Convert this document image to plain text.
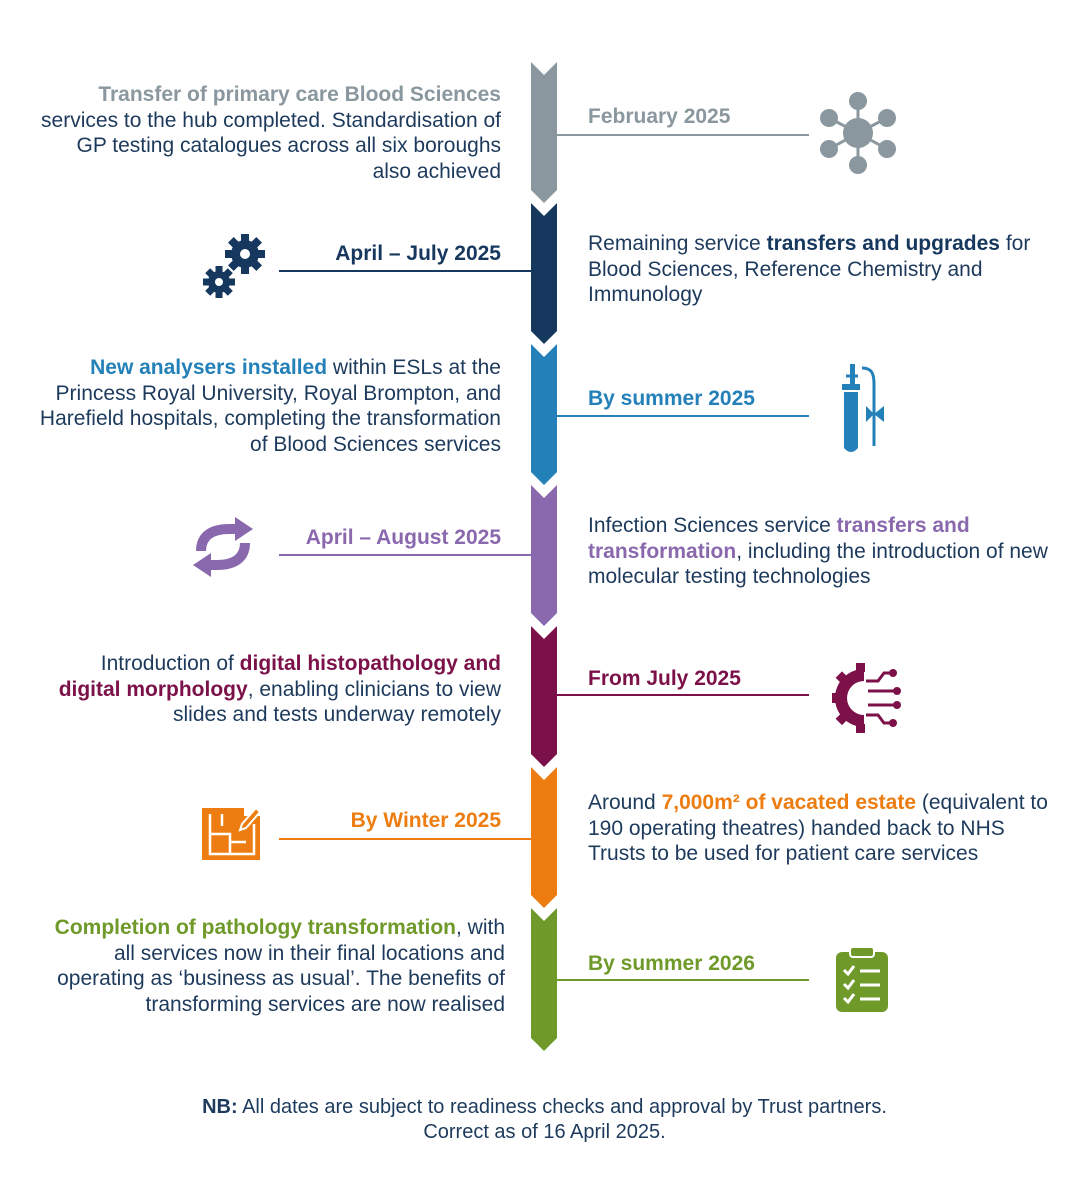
Transfer of primary care Blood Sciences services to the hub completed. Standardisation of GP testing catalogues across all six boroughs also achieved
February 2025
April – July 2025	Remaining service transfers and upgrades for Blood Sciences, Reference Chemistry and Immunology
New analysers installed within ESLs at the Princess Royal University, Royal Brompton, and Harefield hospitals, completing the transformation of Blood Sciences services
By summer 2025
April – August 2025
Infection Sciences service transfers and transformation, including the introduction of new molecular testing technologies
Introduction of digital histopathology and digital morphology, enabling clinicians to view slides and tests underway remotely
From July 2025
By Winter 2025
Around 7,000m² of vacated estate (equivalent to 190 operating theatres) handed back to NHS Trusts to be used for patient care services
Completion of pathology transformation, with all services now in their final locations and operating as ‘business as usual’. The benefits of transforming services are now realised
By summer 2026
NB: All dates are subject to readiness checks and approval by Trust partners.
Correct as of 16 April 2025.
